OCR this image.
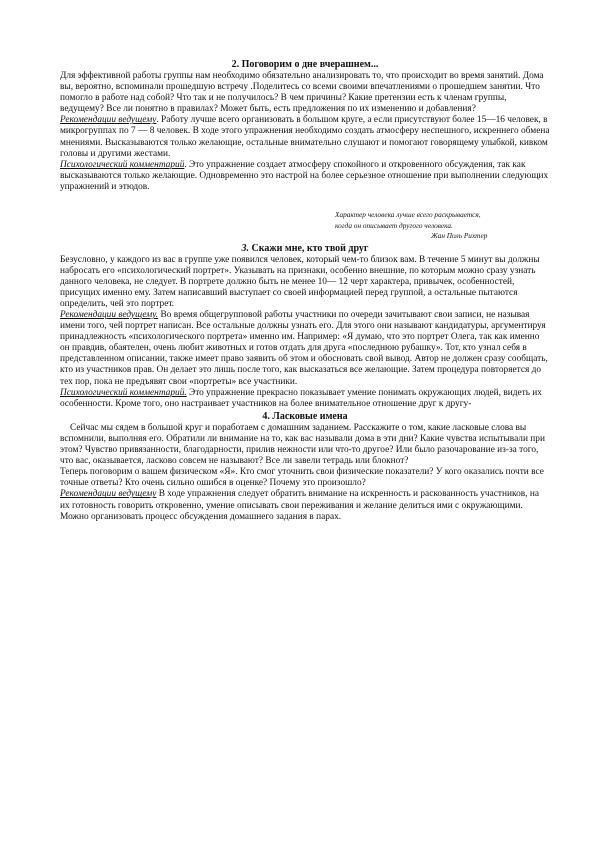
2. Поговорим о дне вчерашнем...

Для эффективной работы группы нам необходимо обязательно анализировать то, что происходит во время занятий. Дома вы, вероятно, вспоминали прошедшую встречу .Поделитесь со всеми своими впечатлениями о прошедшем занятии. Что помогло в работе над собой? Что так и не получилось? В чем причины? Какие претензии есть к членам группы, ведущему? Все ли понятно в правилах? Может быть, есть предложения по их изменению и добавления?

Рекомендации ведущему. Работу лучше всего организовать в большом круге, а если присутствуют более 15—16 человек, в микрогруппах по 7 — 8 человек. В ходе этого упражнения необходимо создать атмосферу неспешного, искреннего обмена мнениями. Высказываются только желающие, остальные внимательно слушают и помогают говорящему улыбкой, кивком головы и другими жестами.

Психологический комментарий. Это упражнение создает атмосферу спокойного и откровенного обсуждения, так как высказываются только желающие. Одновременно это настрой на более серьезное отношение при выполнении следующих упражнений и этюдов.

Характер человека лучше всего раскрывается,
когда он описывает другого человека.
Жан Поль Рихтер

3. Скажи мне, кто твой друг

Безусловно, у каждого из вас в группе уже появился человек, который чем-то близок вам. В течение 5 минут вы должны набросать его «психологический портрет». Указывать на признаки, особенно внешние, по которым можно сразу узнать данного человека, не следует. В портрете должно быть не менее 10— 12 черт характера, привычек, особенностей, присущих именно ему. Затем написавший выступает со своей информацией перед группой, а остальные пытаются определить, чей это портрет.

Рекомендации ведущему. Во время общегрупповой работы участники по очереди зачитывают свои записи, не называя имени того, чей портрет написан. Все остальные должны узнать его. Для этого они называют кандидатуры, аргументируя принадлежность «психологического портрета» именно им. Например: «Я думаю, что это портрет Олега, так как именно он правдив, обаятелен, очень любит животных и готов отдать для друга «последнюю рубашку». Тот, кто узнал себя в представленном описании, также имеет право заявить об этом и обосновать свой вывод. Автор не должен сразу сообщать, кто из участников прав. Он делает это лишь после того, как высказаться все желающие. Затем процедура повторяется до тех пор, пока не предъявят свои «портреты» все участники.

Психологический комментарий. Это упражнение прекрасно показывает умение понимать окружающих людей, видеть их особенности. Кроме того, оно настраивает участников на более внимательное отношение друг к другу-

4. Ласковые имена

Сейчас мы сядем в большой круг и поработаем с домашним заданием. Расскажите о том, какие ласковые слова вы вспомнили, выполняя его. Обратили ли внимание на то, как вас называли дома в эти дни? Какие чувства испытывали при этом? Чувство привязанности, благодарности, прилив нежности или что-то другое? Или было разочарование из-за того, что вас, оказывается, ласково совсем не называют? Все ли завели тетрадь или блокнот?

Теперь поговорим о вашем физическом «Я». Кто смог уточнить свои физические показатели? У кого оказались почти все точные ответы? Кто очень сильно ошибся в оценке? Почему это произошло?

Рекомендации ведущему В ходе упражнения следует обратить внимание на искренность и раскованность участников, на их готовность говорить откровенно, умение описывать свои переживания и желание делиться ими с окружающими. Можно организовать процесс обсуждения домашнего задания в парах.
